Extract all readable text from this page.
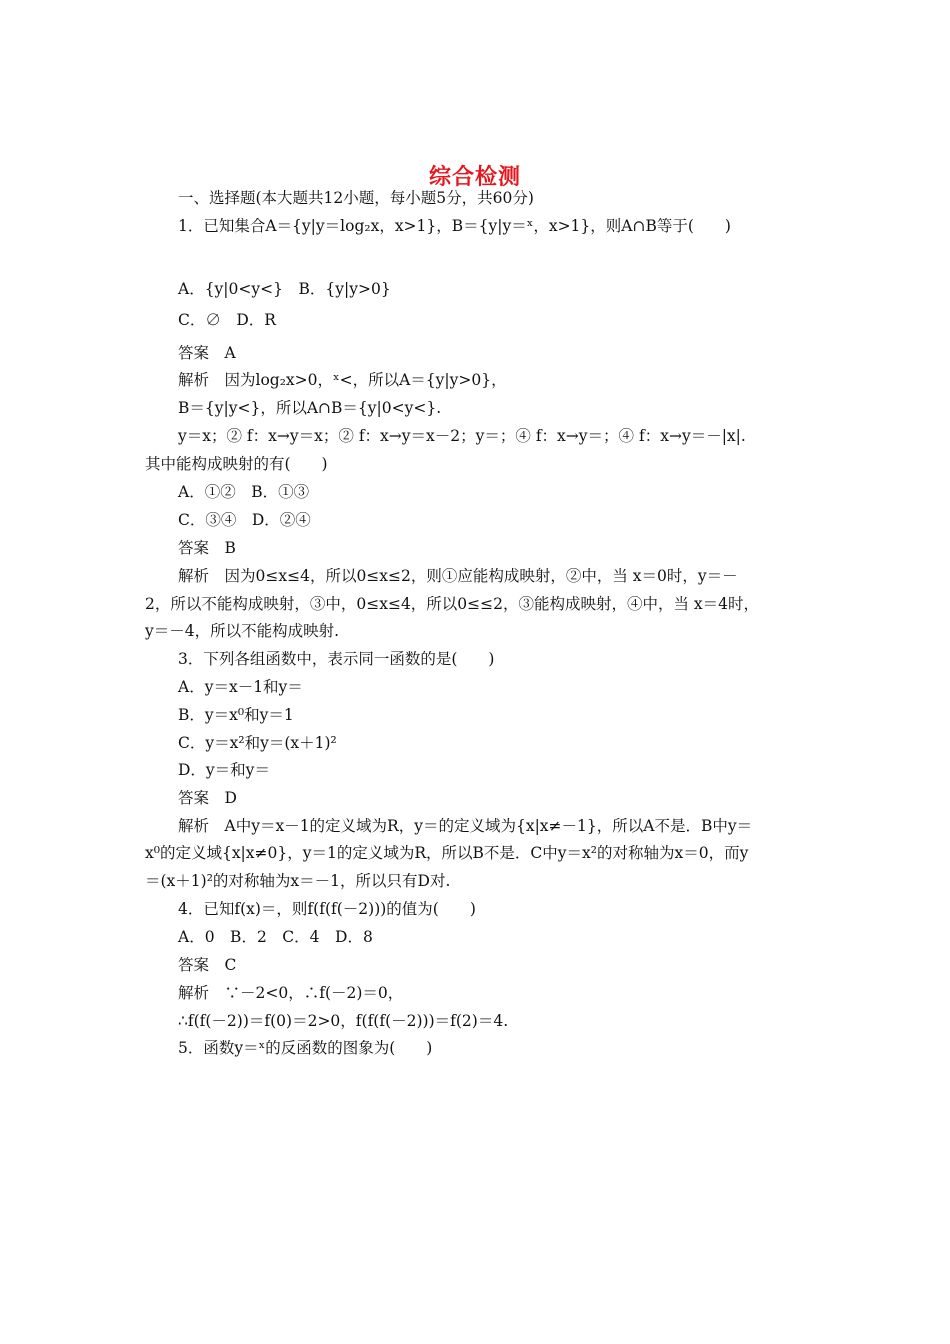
综合检测
一、选择题(本大题共12小题，每小题5分，共60分)
1．已知集合A＝{y|y＝log₂x，x>1}，B＝{y|y＝ˣ，x>1}，则A∩B等于(　　)
A．{y|0<y<}　B．{y|y>0}
C．∅　D．R
答案　A
解析　因为log₂x>0，ˣ<，所以A＝{y|y>0}，
B＝{y|y<}，所以A∩B＝{y|0<y<}.
y＝x；② f：x→y＝x；② f：x→y＝x－2；y＝；④ f：x→y＝；④ f：x→y＝－|x|.
其中能构成映射的有(　　)
A．①②　B．①③
C．③④　D．②④
答案　B
解析　因为0≤x≤4，所以0≤x≤2，则①应能构成映射，②中，当 x＝0时，y＝－
2，所以不能构成映射，③中，0≤x≤4，所以0≤≤2，③能构成映射，④中，当 x＝4时，
y＝－4，所以不能构成映射.
3．下列各组函数中，表示同一函数的是(　　)
A．y＝x－1和y＝
B．y＝x⁰和y＝1
C．y＝x²和y＝(x＋1)²
D．y＝和y＝
答案　D
解析　A中y＝x－1的定义域为R，y＝的定义域为{x|x≠－1}，所以A不是．B中y＝
x⁰的定义域{x|x≠0}，y＝1的定义域为R，所以B不是．C中y＝x²的对称轴为x＝0，而y
＝(x＋1)²的对称轴为x＝－1，所以只有D对.
4．已知f(x)＝，则f(f(f(－2)))的值为(　　)
A．0　B．2　C．4　D．8
答案　C
解析　∵－2<0，∴f(－2)＝0，
∴f(f(－2))＝f(0)＝2>0，f(f(f(－2)))＝f(2)＝4.
5．函数y＝ˣ的反函数的图象为(　　)
